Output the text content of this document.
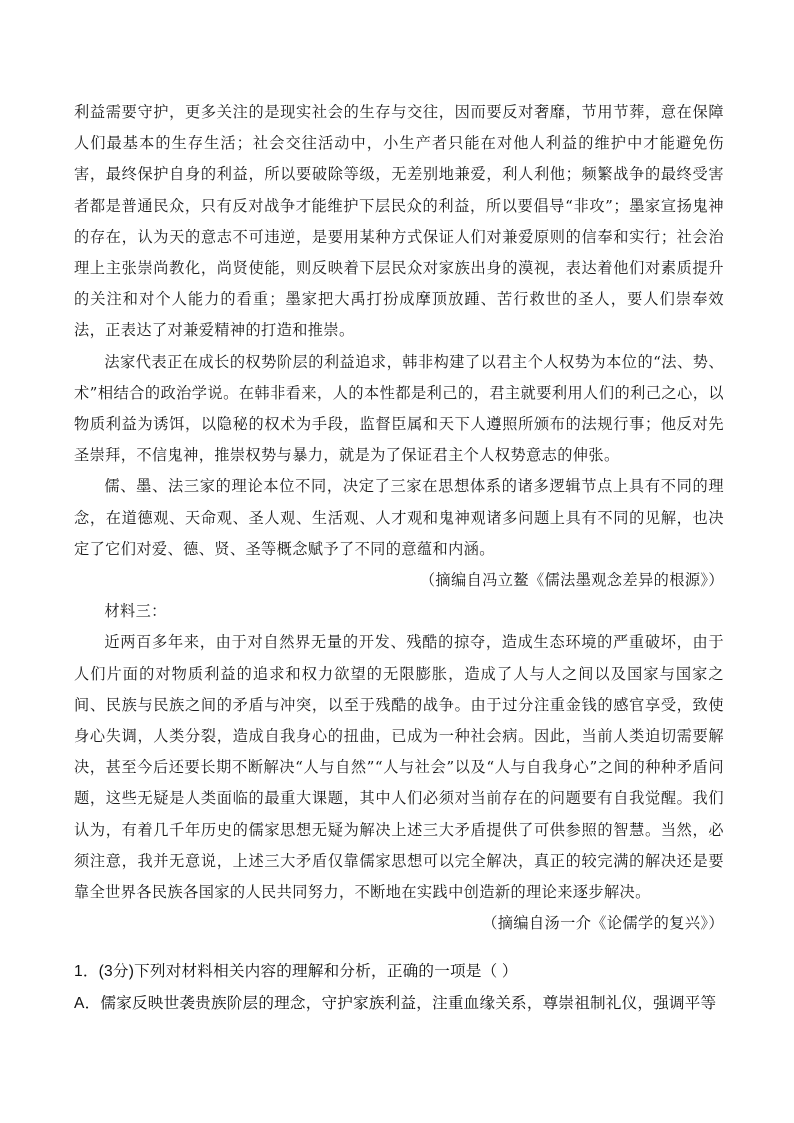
利益需要守护，更多关注的是现实社会的生存与交往，因而要反对奢靡，节用节葬，意在保障人们最基本的生存生活；社会交往活动中，小生产者只能在对他人利益的维护中才能避免伤害，最终保护自身的利益，所以要破除等级，无差别地兼爱，利人利他；频繁战争的最终受害者都是普通民众，只有反对战争才能维护下层民众的利益，所以要倡导“非攻”；墨家宣扬鬼神的存在，认为天的意志不可违逆，是要用某种方式保证人们对兼爱原则的信奉和实行；社会治理上主张崇尚教化，尚贤使能，则反映着下层民众对家族出身的漠视，表达着他们对素质提升的关注和对个人能力的看重；墨家把大禹打扮成摩顶放踵、苦行救世的圣人，要人们崇奉效法，正表达了对兼爱精神的打造和推崇。

法家代表正在成长的权势阶层的利益追求，韩非构建了以君主个人权势为本位的“法、势、术”相结合的政治学说。在韩非看来，人的本性都是利己的，君主就要利用人们的利己之心，以物质利益为诱饵，以隐秘的权术为手段，监督臣属和天下人遵照所颁布的法规行事；他反对先圣崇拜，不信鬼神，推崇权势与暴力，就是为了保证君主个人权势意志的伸张。

儒、墨、法三家的理论本位不同，决定了三家在思想体系的诸多逻辑节点上具有不同的理念，在道德观、天命观、圣人观、生活观、人才观和鬼神观诸多问题上具有不同的见解，也决定了它们对爱、德、贤、圣等概念赋予了不同的意蕴和内涵。

（摘编自冯立鳌《儒法墨观念差异的根源》）

材料三：

近两百多年来，由于对自然界无量的开发、残酷的掠夺，造成生态环境的严重破坏，由于人们片面的对物质利益的追求和权力欲望的无限膨胀，造成了人与人之间以及国家与国家之间、民族与民族之间的矛盾与冲突，以至于残酷的战争。由于过分注重金钱的感官享受，致使身心失调，人类分裂，造成自我身心的扭曲，已成为一种社会病。因此，当前人类迫切需要解决，甚至今后还要长期不断解决“人与自然”“人与社会”以及“人与自我身心”之间的种种矛盾问题，这些无疑是人类面临的最重大课题，其中人们必须对当前存在的问题要有自我觉醒。我们认为，有着几千年历史的儒家思想无疑为解决上述三大矛盾提供了可供参照的智慧。当然，必须注意，我并无意说，上述三大矛盾仅靠儒家思想可以完全解决，真正的较完满的解决还是要靠全世界各民族各国家的人民共同努力，不断地在实践中创造新的理论来逐步解决。

（摘编自汤一介《论儒学的复兴》）

1．(3分)下列对材料相关内容的理解和分析，正确的一项是（ ）

A．儒家反映世袭贵族阶层的理念，守护家族利益，注重血缘关系，尊崇祖制礼仪，强调平等
